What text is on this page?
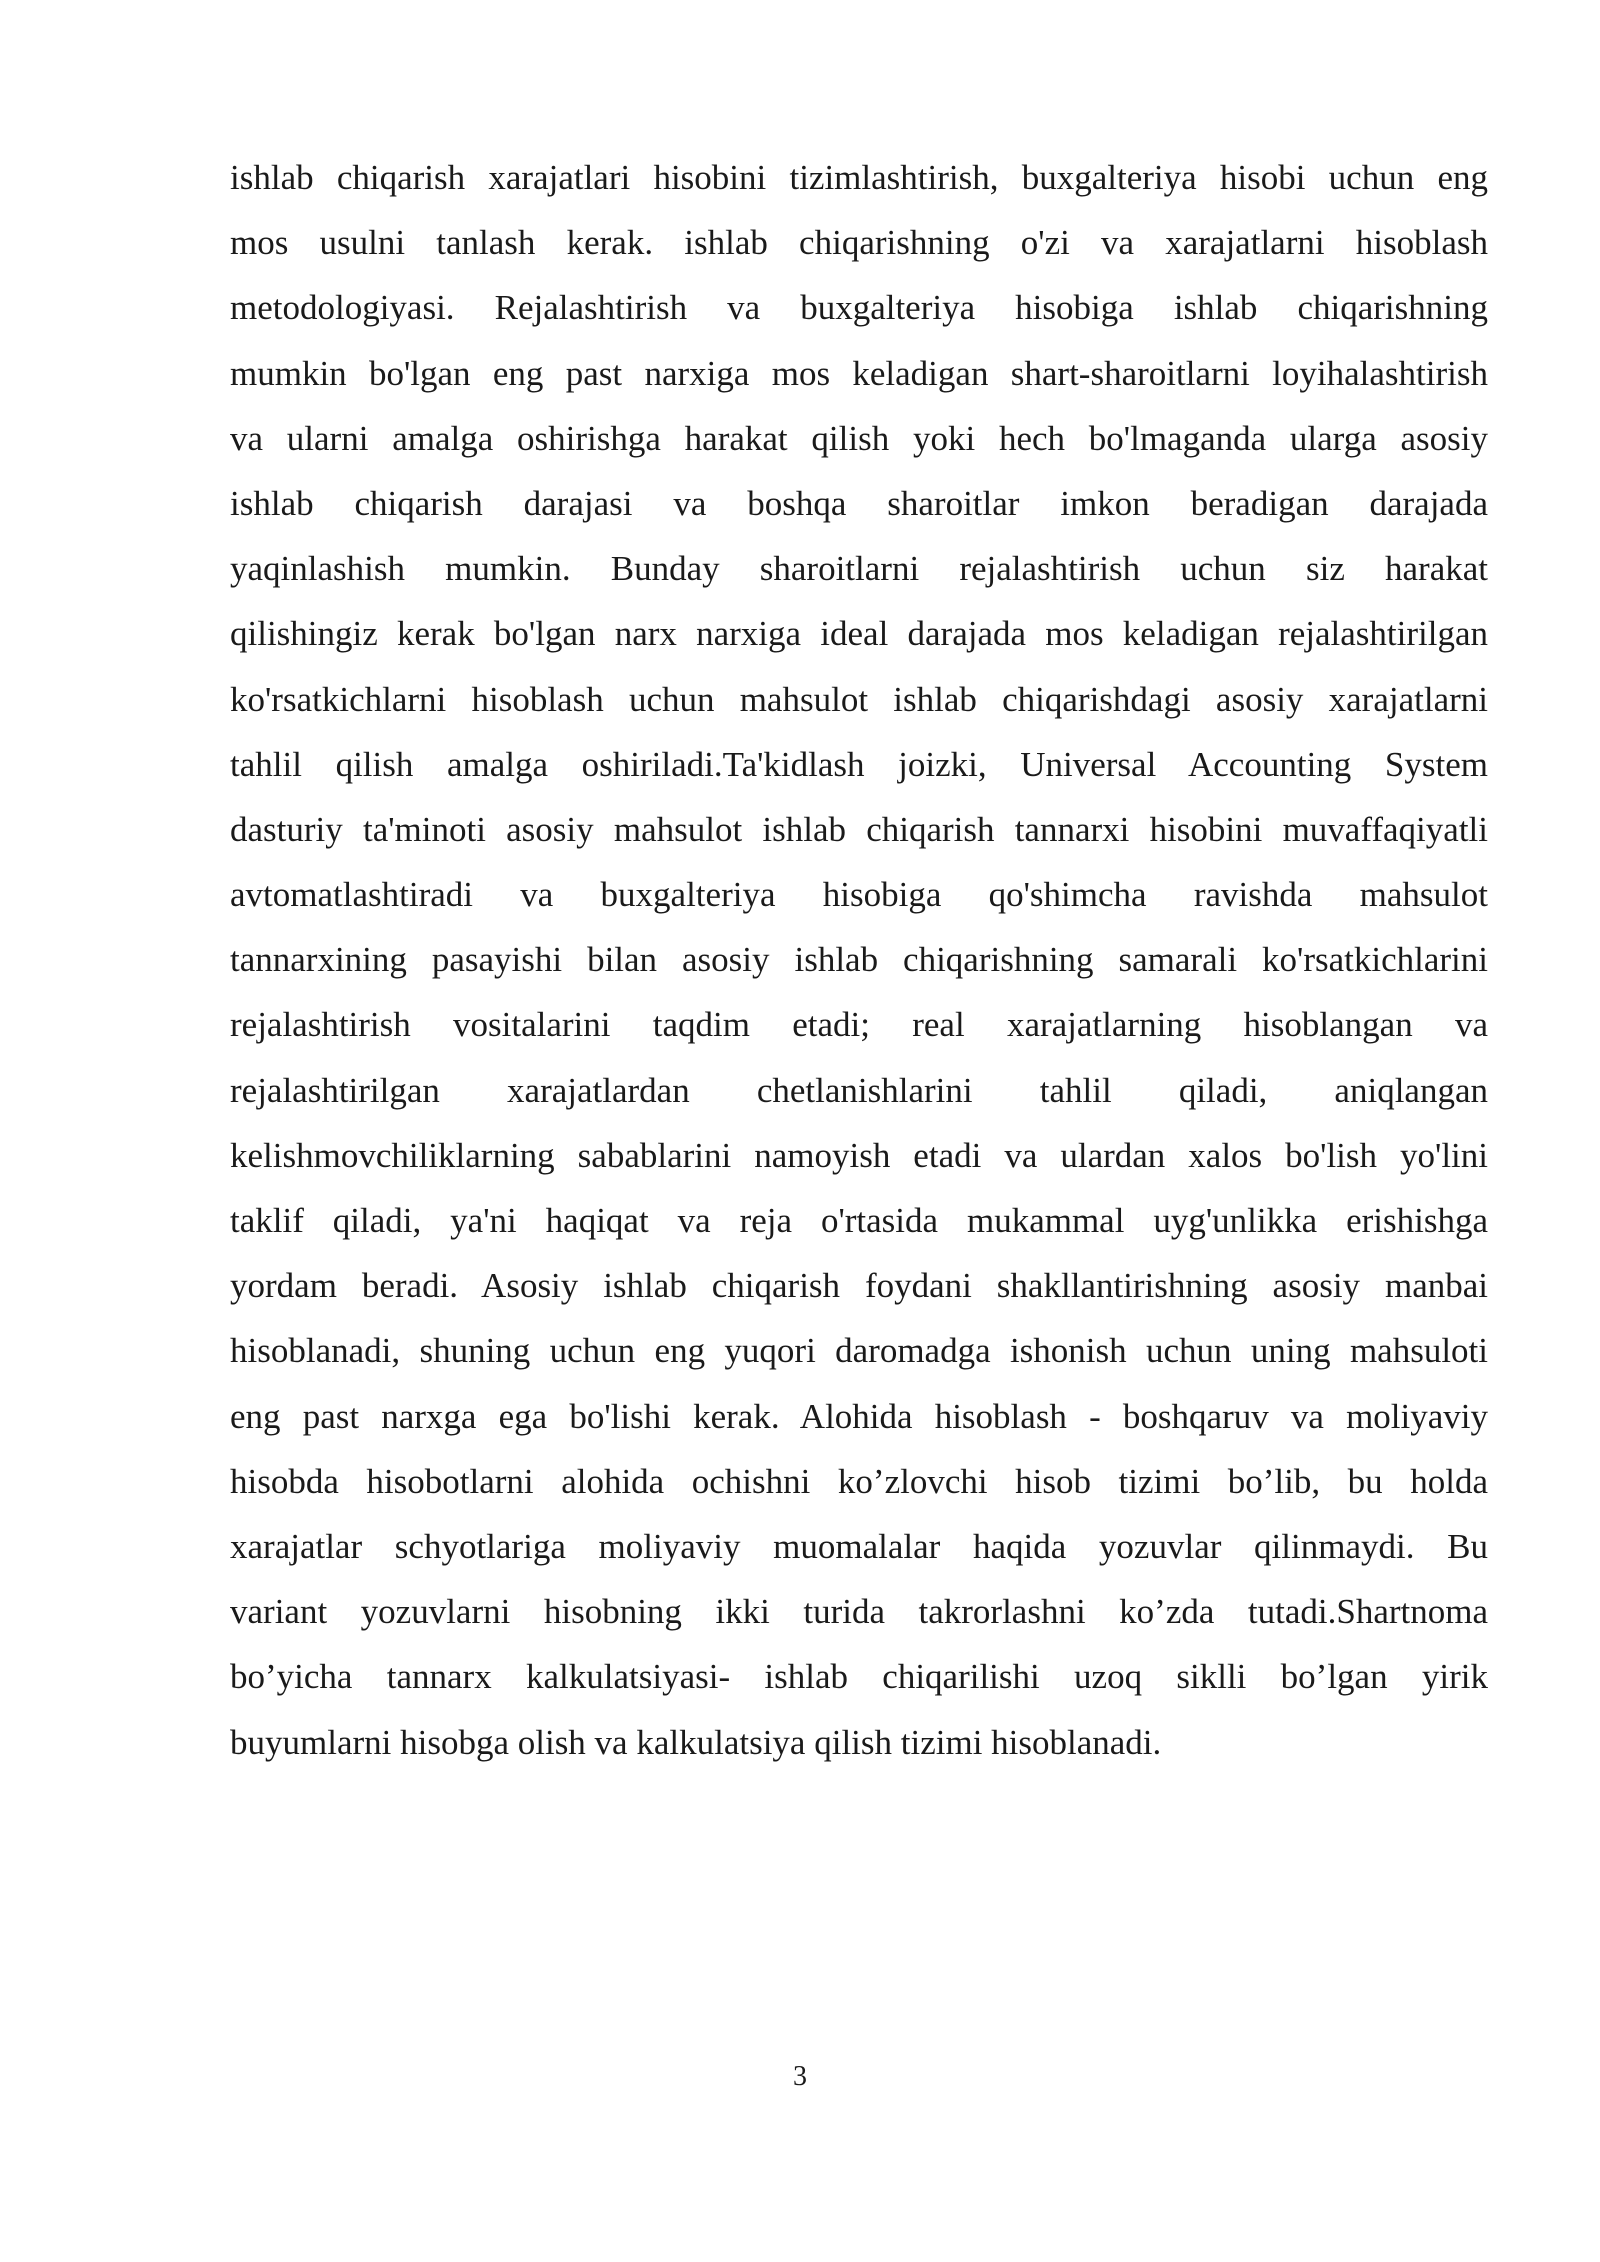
ishlab chiqarish xarajatlari hisobini tizimlashtirish, buxgalteriya hisobi uchun eng
mos usulni tanlash kerak. ishlab chiqarishning o'zi va xarajatlarni hisoblash
metodologiyasi. Rejalashtirish va buxgalteriya hisobiga ishlab chiqarishning
mumkin bo'lgan eng past narxiga mos keladigan shart-sharoitlarni loyihalashtirish
va ularni amalga oshirishga harakat qilish yoki hech bo'lmaganda ularga asosiy
ishlab chiqarish darajasi va boshqa sharoitlar imkon beradigan darajada
yaqinlashish mumkin. Bunday sharoitlarni rejalashtirish uchun siz harakat
qilishingiz kerak bo'lgan narx narxiga ideal darajada mos keladigan rejalashtirilgan
ko'rsatkichlarni hisoblash uchun mahsulot ishlab chiqarishdagi asosiy xarajatlarni
tahlil qilish amalga oshiriladi.Ta'kidlash joizki, Universal Accounting System
dasturiy ta'minoti asosiy mahsulot ishlab chiqarish tannarxi hisobini muvaffaqiyatli
avtomatlashtiradi va buxgalteriya hisobiga qo'shimcha ravishda mahsulot
tannarxining pasayishi bilan asosiy ishlab chiqarishning samarali ko'rsatkichlarini
rejalashtirish vositalarini taqdim etadi; real xarajatlarning hisoblangan va
rejalashtirilgan xarajatlardan chetlanishlarini tahlil qiladi, aniqlangan
kelishmovchiliklarning sabablarini namoyish etadi va ulardan xalos bo'lish yo'lini
taklif qiladi, ya'ni haqiqat va reja o'rtasida mukammal uyg'unlikka erishishga
yordam beradi. Asosiy ishlab chiqarish foydani shakllantirishning asosiy manbai
hisoblanadi, shuning uchun eng yuqori daromadga ishonish uchun uning mahsuloti
eng past narxga ega bo'lishi kerak. Alohida hisoblash - boshqaruv va moliyaviy
hisobda hisobotlarni alohida ochishni ko’zlovchi hisob tizimi bo’lib, bu holda
xarajatlar schyotlariga moliyaviy muomalalar haqida yozuvlar qilinmaydi. Bu
variant yozuvlarni hisobning ikki turida takrorlashni ko’zda tutadi.Shartnoma
bo’yicha tannarx kalkulatsiyasi- ishlab chiqarilishi uzoq siklli bo’lgan yirik
buyumlarni hisobga olish va kalkulatsiya qilish tizimi hisoblanadi.
3
